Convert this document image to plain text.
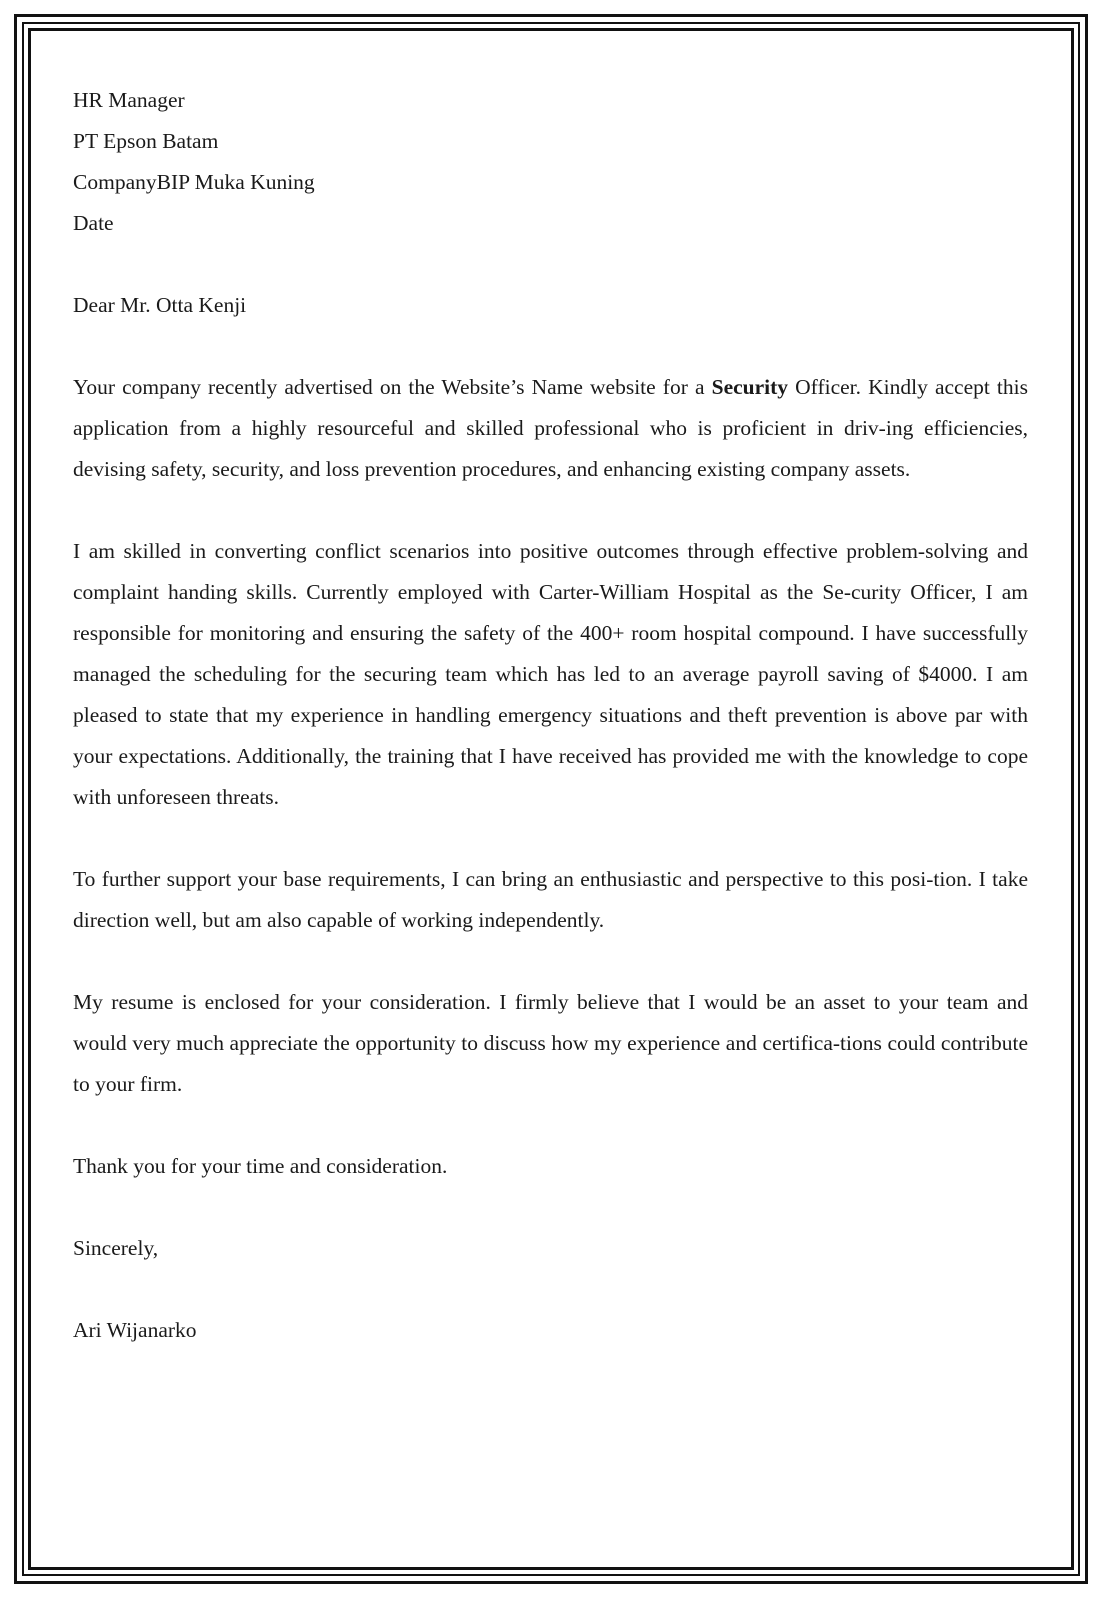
HR Manager
PT Epson Batam
CompanyBIP Muka Kuning
Date

Dear Mr. Otta Kenji

Your company recently advertised on the Website’s Name website for a Security Officer. Kindly accept this application from a highly resourceful and skilled professional who is proficient in driv-ing efficiencies, devising safety, security, and loss prevention procedures, and enhancing existing company assets.

I am skilled in converting conflict scenarios into positive outcomes through effective problem-solving and complaint handing skills. Currently employed with Carter-William Hospital as the Se-curity Officer, I am responsible for monitoring and ensuring the safety of the 400+ room hospital compound. I have successfully managed the scheduling for the securing team which has led to an average payroll saving of $4000. I am pleased to state that my experience in handling emergency situations and theft prevention is above par with your expectations. Additionally, the training that I have received has provided me with the knowledge to cope with unforeseen threats.

To further support your base requirements, I can bring an enthusiastic and perspective to this posi-tion. I take direction well, but am also capable of working independently.

My resume is enclosed for your consideration. I firmly believe that I would be an asset to your team and would very much appreciate the opportunity to discuss how my experience and certifica-tions could contribute to your firm.

Thank you for your time and consideration.

Sincerely,

Ari Wijanarko
